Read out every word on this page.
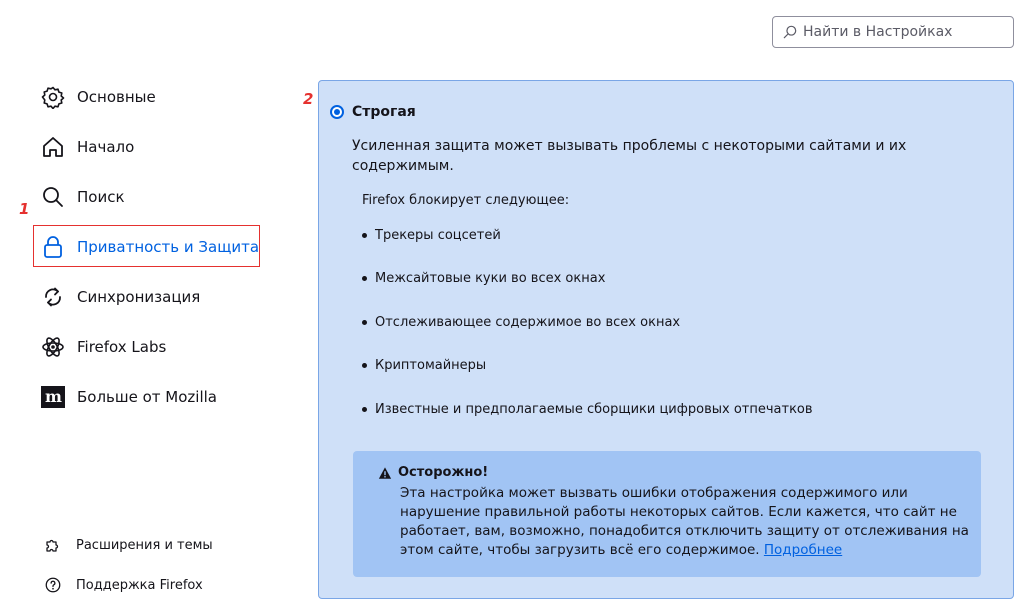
Найти в Настройках
Основные
Начало
Поиск
Приватность и Защита
Синхронизация
Firefox Labs
m Больше от Mozilla
1
2
Расширения и темы
Поддержка Firefox
Строгая
Усиленная защита может вызывать проблемы с некоторыми сайтами и их содержимым.
Firefox блокирует следующее:
Трекеры соцсетей
Межсайтовые куки во всех окнах
Отслеживающее содержимое во всех окнах
Криптомайнеры
Известные и предполагаемые сборщики цифровых отпечатков
Осторожно!
Эта настройка может вызвать ошибки отображения содержимого или нарушение правильной работы некоторых сайтов. Если кажется, что сайт не работает, вам, возможно, понадобится отключить защиту от отслеживания на этом сайте, чтобы загрузить всё его содержимое. Подробнее
